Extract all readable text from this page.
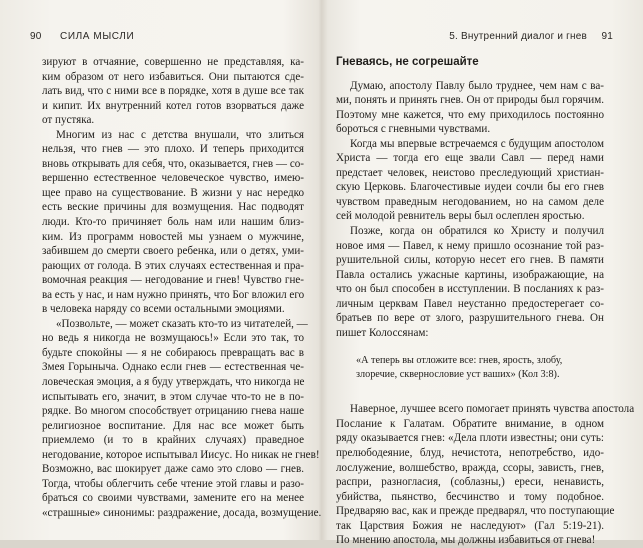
90 СИЛА МЫСЛИ

зируют в отчаяние, совершенно не представляя, ка-
ким образом от него избавиться. Они пытаются сде-
лать вид, что с ними все в порядке, хотя в душе все так
и кипит. Их внутренний котел готов взорваться даже
от пустяка.

Многим из нас с детства внушали, что злиться
нельзя, что гнев — это плохо. И теперь приходится
вновь открывать для себя, что, оказывается, гнев — со-
вершенно естественное человеческое чувство, имею-
щее право на существование. В жизни у нас нередко
есть веские причины для возмущения. Нас подводят
люди. Кто-то причиняет боль нам или нашим близ-
ким. Из программ новостей мы узнаем о мужчине,
забившем до смерти своего ребенка, или о детях, уми-
рающих от голода. В этих случаях естественная и пра-
вомочная реакция — негодование и гнев! Чувство гне-
ва есть у нас, и нам нужно принять, что Бог вложил его
в человека наряду со всеми остальными эмоциями.

«Позвольте, — может сказать кто-то из читателей, —
но ведь я никогда не возмущаюсь!» Если это так, то
будьте спокойны — я не собираюсь превращать вас в
Змея Горыныча. Однако если гнев — естественная че-
ловеческая эмоция, а я буду утверждать, что никогда не
испытывать его, значит, в этом случае что-то не в по-
рядке. Во многом способствует отрицанию гнева наше
религиозное воспитание. Для нас все может быть
приемлемо (и то в крайних случаях) праведное
негодование, которое испытывал Иисус. Но никак не гнев!
Возможно, вас шокирует даже само это слово — гнев.
Тогда, чтобы облегчить себе чтение этой главы и разо-
браться со своими чувствами, замените его на менее
«страшные» синонимы: раздражение, досада, возмущение.

5. Внутренний диалог и гнев 91
Гневаясь, не согрешайте

Думаю, апостолу Павлу было труднее, чем нам с ва-
ми, понять и принять гнев. Он от природы был горячим.
Поэтому мне кажется, что ему приходилось постоянно
бороться с гневными чувствами.

Когда мы впервые встречаемся с будущим апостолом
Христа — тогда его еще звали Савл — перед нами
предстает человек, неистово преследующий христиан-
скую Церковь. Благочестивые иудеи сочли бы его гнев
чувством праведным негодованием, но на самом деле
сей молодой ревнитель веры был ослеплен яростью.

Позже, когда он обратился ко Христу и получил
новое имя — Павел, к нему пришло осознание той раз-
рушительной силы, которую несет его гнев. В памяти
Павла остались ужасные картины, изображающие, на
что он был способен в исступлении. В посланиях к раз-
личным церквам Павел неустанно предостерегает со-
братьев по вере от злого, разрушительного гнева. Он
пишет Колоссянам:

«А теперь вы отложите все: гнев, ярость, злобу,
злоречие, сквернословие уст ваших» (Кол 3:8).

Наверное, лучшее всего помогает принять чувства апостола
Послание к Галатам. Обратите внимание, в одном
ряду оказывается гнев: «Дела плоти известны; они суть:
прелюбодеяние, блуд, нечистота, непотребство, идо-
лослужение, волшебство, вражда, ссоры, зависть, гнев,
распри, разногласия, (соблазны,) ереси, ненависть,
убийства, пьянство, бесчинство и тому подобное.
Предваряю вас, как и прежде предварял, что поступающие
так Царствия Божия не наследуют» (Гал 5:19-21).
По мнению апостола, мы должны избавиться от гнева!
